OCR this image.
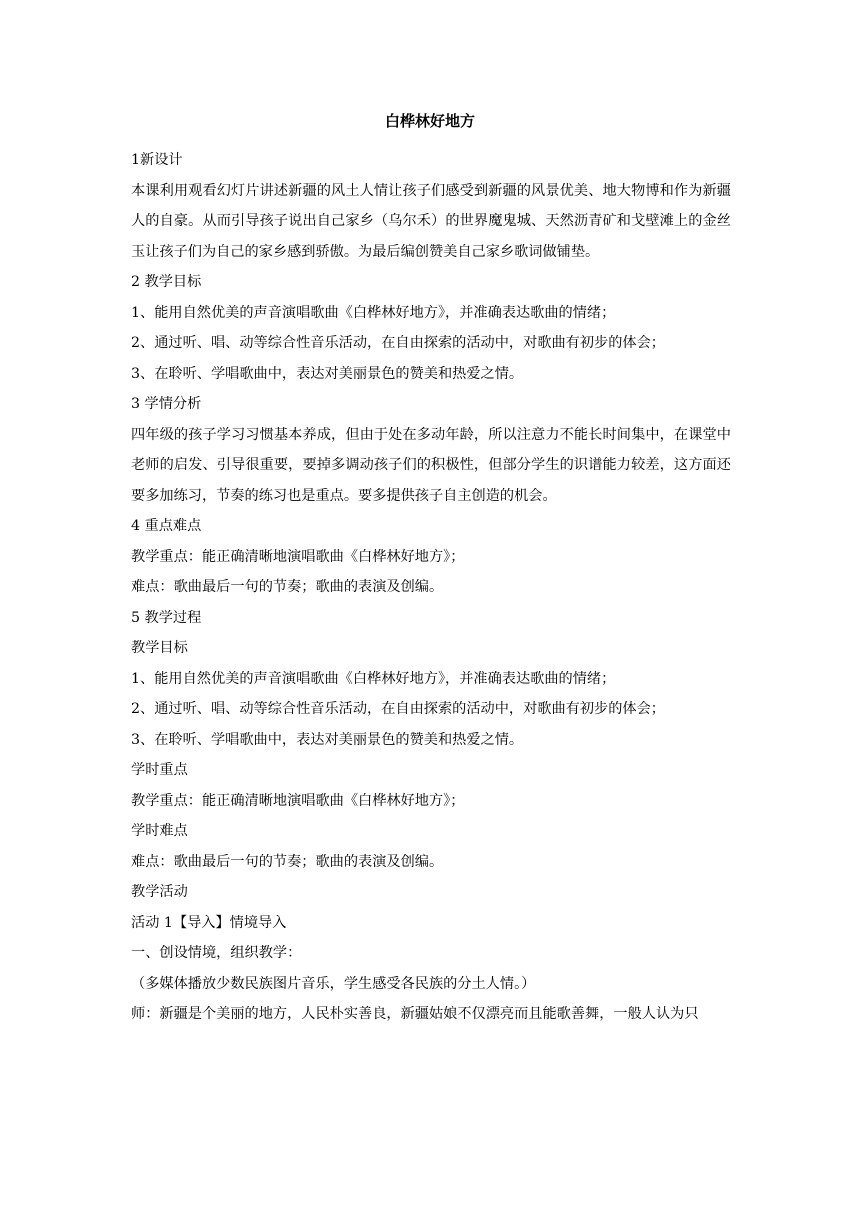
白桦林好地方

1新设计

本课利用观看幻灯片讲述新疆的风土人情让孩子们感受到新疆的风景优美、地大物博和作为新疆人的自豪。从而引导孩子说出自己家乡（乌尔禾）的世界魔鬼城、天然沥青矿和戈壁滩上的金丝玉让孩子们为自己的家乡感到骄傲。为最后编创赞美自己家乡歌词做铺垫。

2 教学目标

1、能用自然优美的声音演唱歌曲《白桦林好地方》，并准确表达歌曲的情绪；

2、通过听、唱、动等综合性音乐活动，在自由探索的活动中，对歌曲有初步的体会；

3、在聆听、学唱歌曲中，表达对美丽景色的赞美和热爱之情。

3 学情分析

四年级的孩子学习习惯基本养成，但由于处在多动年龄，所以注意力不能长时间集中，在课堂中老师的启发、引导很重要，要掉多调动孩子们的积极性，但部分学生的识谱能力较差，这方面还要多加练习，节奏的练习也是重点。要多提供孩子自主创造的机会。

4 重点难点

教学重点：能正确清晰地演唱歌曲《白桦林好地方》；

难点：歌曲最后一句的节奏；歌曲的表演及创编。

5 教学过程

教学目标

1、能用自然优美的声音演唱歌曲《白桦林好地方》，并准确表达歌曲的情绪；

2、通过听、唱、动等综合性音乐活动，在自由探索的活动中，对歌曲有初步的体会；

3、在聆听、学唱歌曲中，表达对美丽景色的赞美和热爱之情。

学时重点

教学重点：能正确清晰地演唱歌曲《白桦林好地方》；

学时难点

难点：歌曲最后一句的节奏；歌曲的表演及创编。

教学活动

活动 1【导入】情境导入

一、创设情境，组织教学：

（多媒体播放少数民族图片音乐，学生感受各民族的分土人情。）

师：新疆是个美丽的地方，人民朴实善良，新疆姑娘不仅漂亮而且能歌善舞，一般人认为只
